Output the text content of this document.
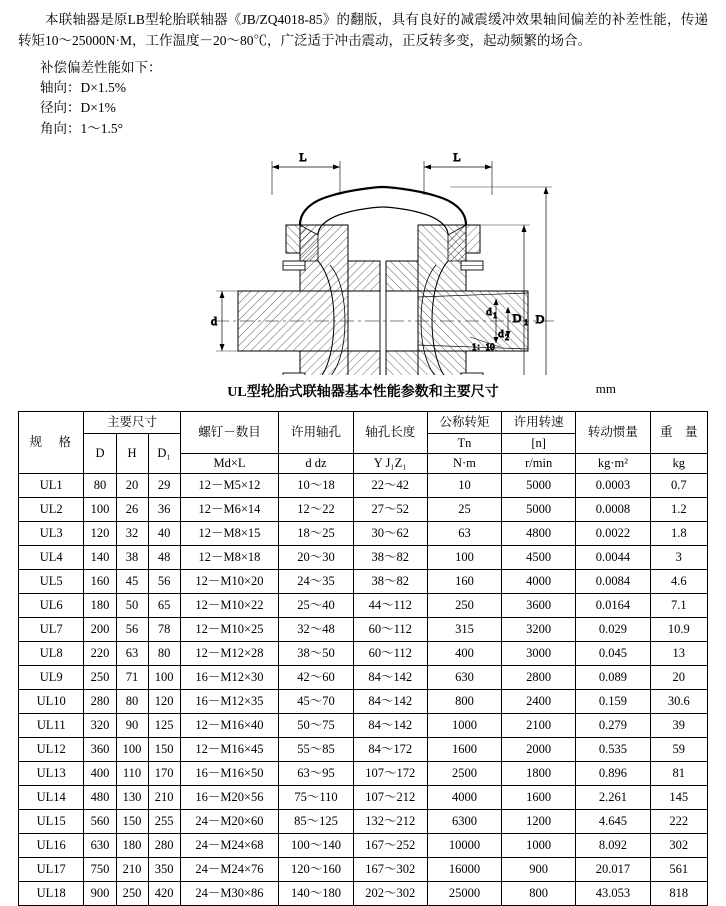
本联轴器是原LB型轮胎联轴器《JB/ZQ4018-85》的翻版，具有良好的减震缓冲效果轴间偏差的补差性能，传递转矩10～25000N·M，工作温度－20～80℃，广泛适于冲击震动，正反转多变，起动频繁的场合。

补偿偏差性能如下：
轴向：D×1.5%
径向：D×1%
角向：1～1.5°
L	L
1：10
d
d 1
d 2
D 1 D
UL型轮胎式联轴器基本性能参数和主要尺寸	mm
规　格	主要尺寸			螺钉－数目	许用轴孔	轴孔长度	公称转矩	许用转速	转动惯量	重　量
	D	H	D₁				Tn	[n]		
				Md×L	d dz	Y J₁Z₁	N·m	r/min	kg·m²	kg
UL1	80	20	29	12－M5×12	10～18	22～42	10	5000	0.0003	0.7
UL2	100	26	36	12－M6×14	12～22	27～52	25	5000	0.0008	1.2
UL3	120	32	40	12－M8×15	18～25	30～62	63	4800	0.0022	1.8
UL4	140	38	48	12－M8×18	20～30	38～82	100	4500	0.0044	3
UL5	160	45	56	12－M10×20	24～35	38～82	160	4000	0.0084	4.6
UL6	180	50	65	12－M10×22	25～40	44～112	250	3600	0.0164	7.1
UL7	200	56	78	12－M10×25	32～48	60～112	315	3200	0.029	10.9
UL8	220	63	80	12－M12×28	38～50	60～112	400	3000	0.045	13
UL9	250	71	100	16－M12×30	42～60	84～142	630	2800	0.089	20
UL10	280	80	120	16－M12×35	45～70	84～142	800	2400	0.159	30.6
UL11	320	90	125	12－M16×40	50～75	84～142	1000	2100	0.279	39
UL12	360	100	150	12－M16×45	55～85	84～172	1600	2000	0.535	59
UL13	400	110	170	16－M16×50	63～95	107～172	2500	1800	0.896	81
UL14	480	130	210	16－M20×56	75～110	107～212	4000	1600	2.261	145
UL15	560	150	255	24－M20×60	85～125	132～212	6300	1200	4.645	222
UL16	630	180	280	24－M24×68	100～140	167～252	10000	1000	8.092	302
UL17	750	210	350	24－M24×76	120～160	167～302	16000	900	20.017	561
UL18	900	250	420	24－M30×86	140～180	202～302	25000	800	43.053	818
